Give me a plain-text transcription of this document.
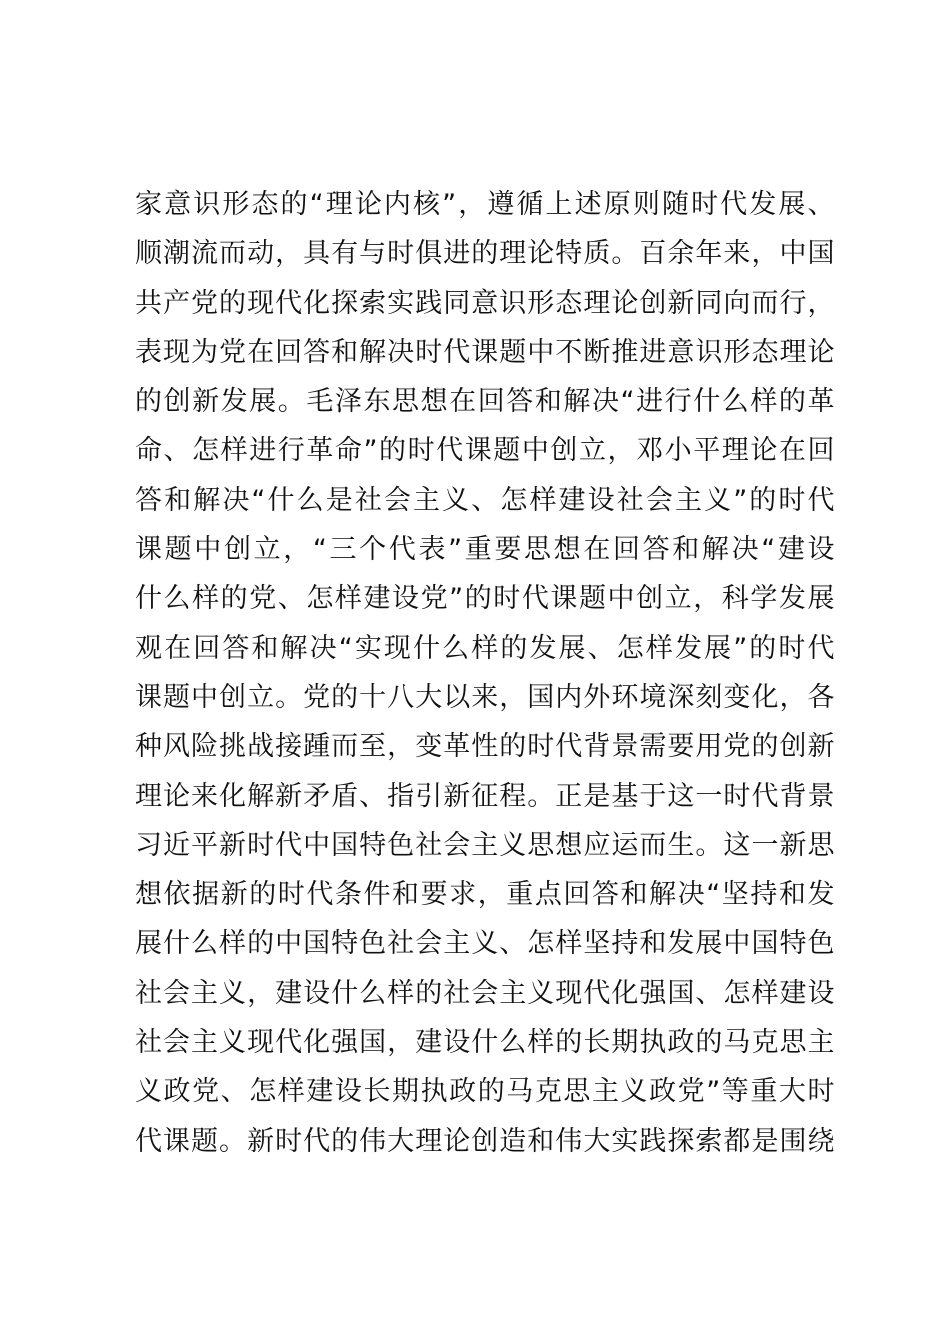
家意识形态的“理论内核”，遵循上述原则随时代发展、
顺潮流而动，具有与时俱进的理论特质。百余年来，中国
共产党的现代化探索实践同意识形态理论创新同向而行，
表现为党在回答和解决时代课题中不断推进意识形态理论
的创新发展。毛泽东思想在回答和解决“进行什么样的革
命、怎样进行革命”的时代课题中创立，邓小平理论在回
答和解决“什么是社会主义、怎样建设社会主义”的时代
课题中创立，“三个代表”重要思想在回答和解决“建设
什么样的党、怎样建设党”的时代课题中创立，科学发展
观在回答和解决“实现什么样的发展、怎样发展”的时代
课题中创立。党的十八大以来，国内外环境深刻变化，各
种风险挑战接踵而至，变革性的时代背景需要用党的创新
理论来化解新矛盾、指引新征程。正是基于这一时代背景
习近平新时代中国特色社会主义思想应运而生。这一新思
想依据新的时代条件和要求，重点回答和解决“坚持和发
展什么样的中国特色社会主义、怎样坚持和发展中国特色
社会主义，建设什么样的社会主义现代化强国、怎样建设
社会主义现代化强国，建设什么样的长期执政的马克思主
义政党、怎样建设长期执政的马克思主义政党”等重大时
代课题。新时代的伟大理论创造和伟大实践探索都是围绕
